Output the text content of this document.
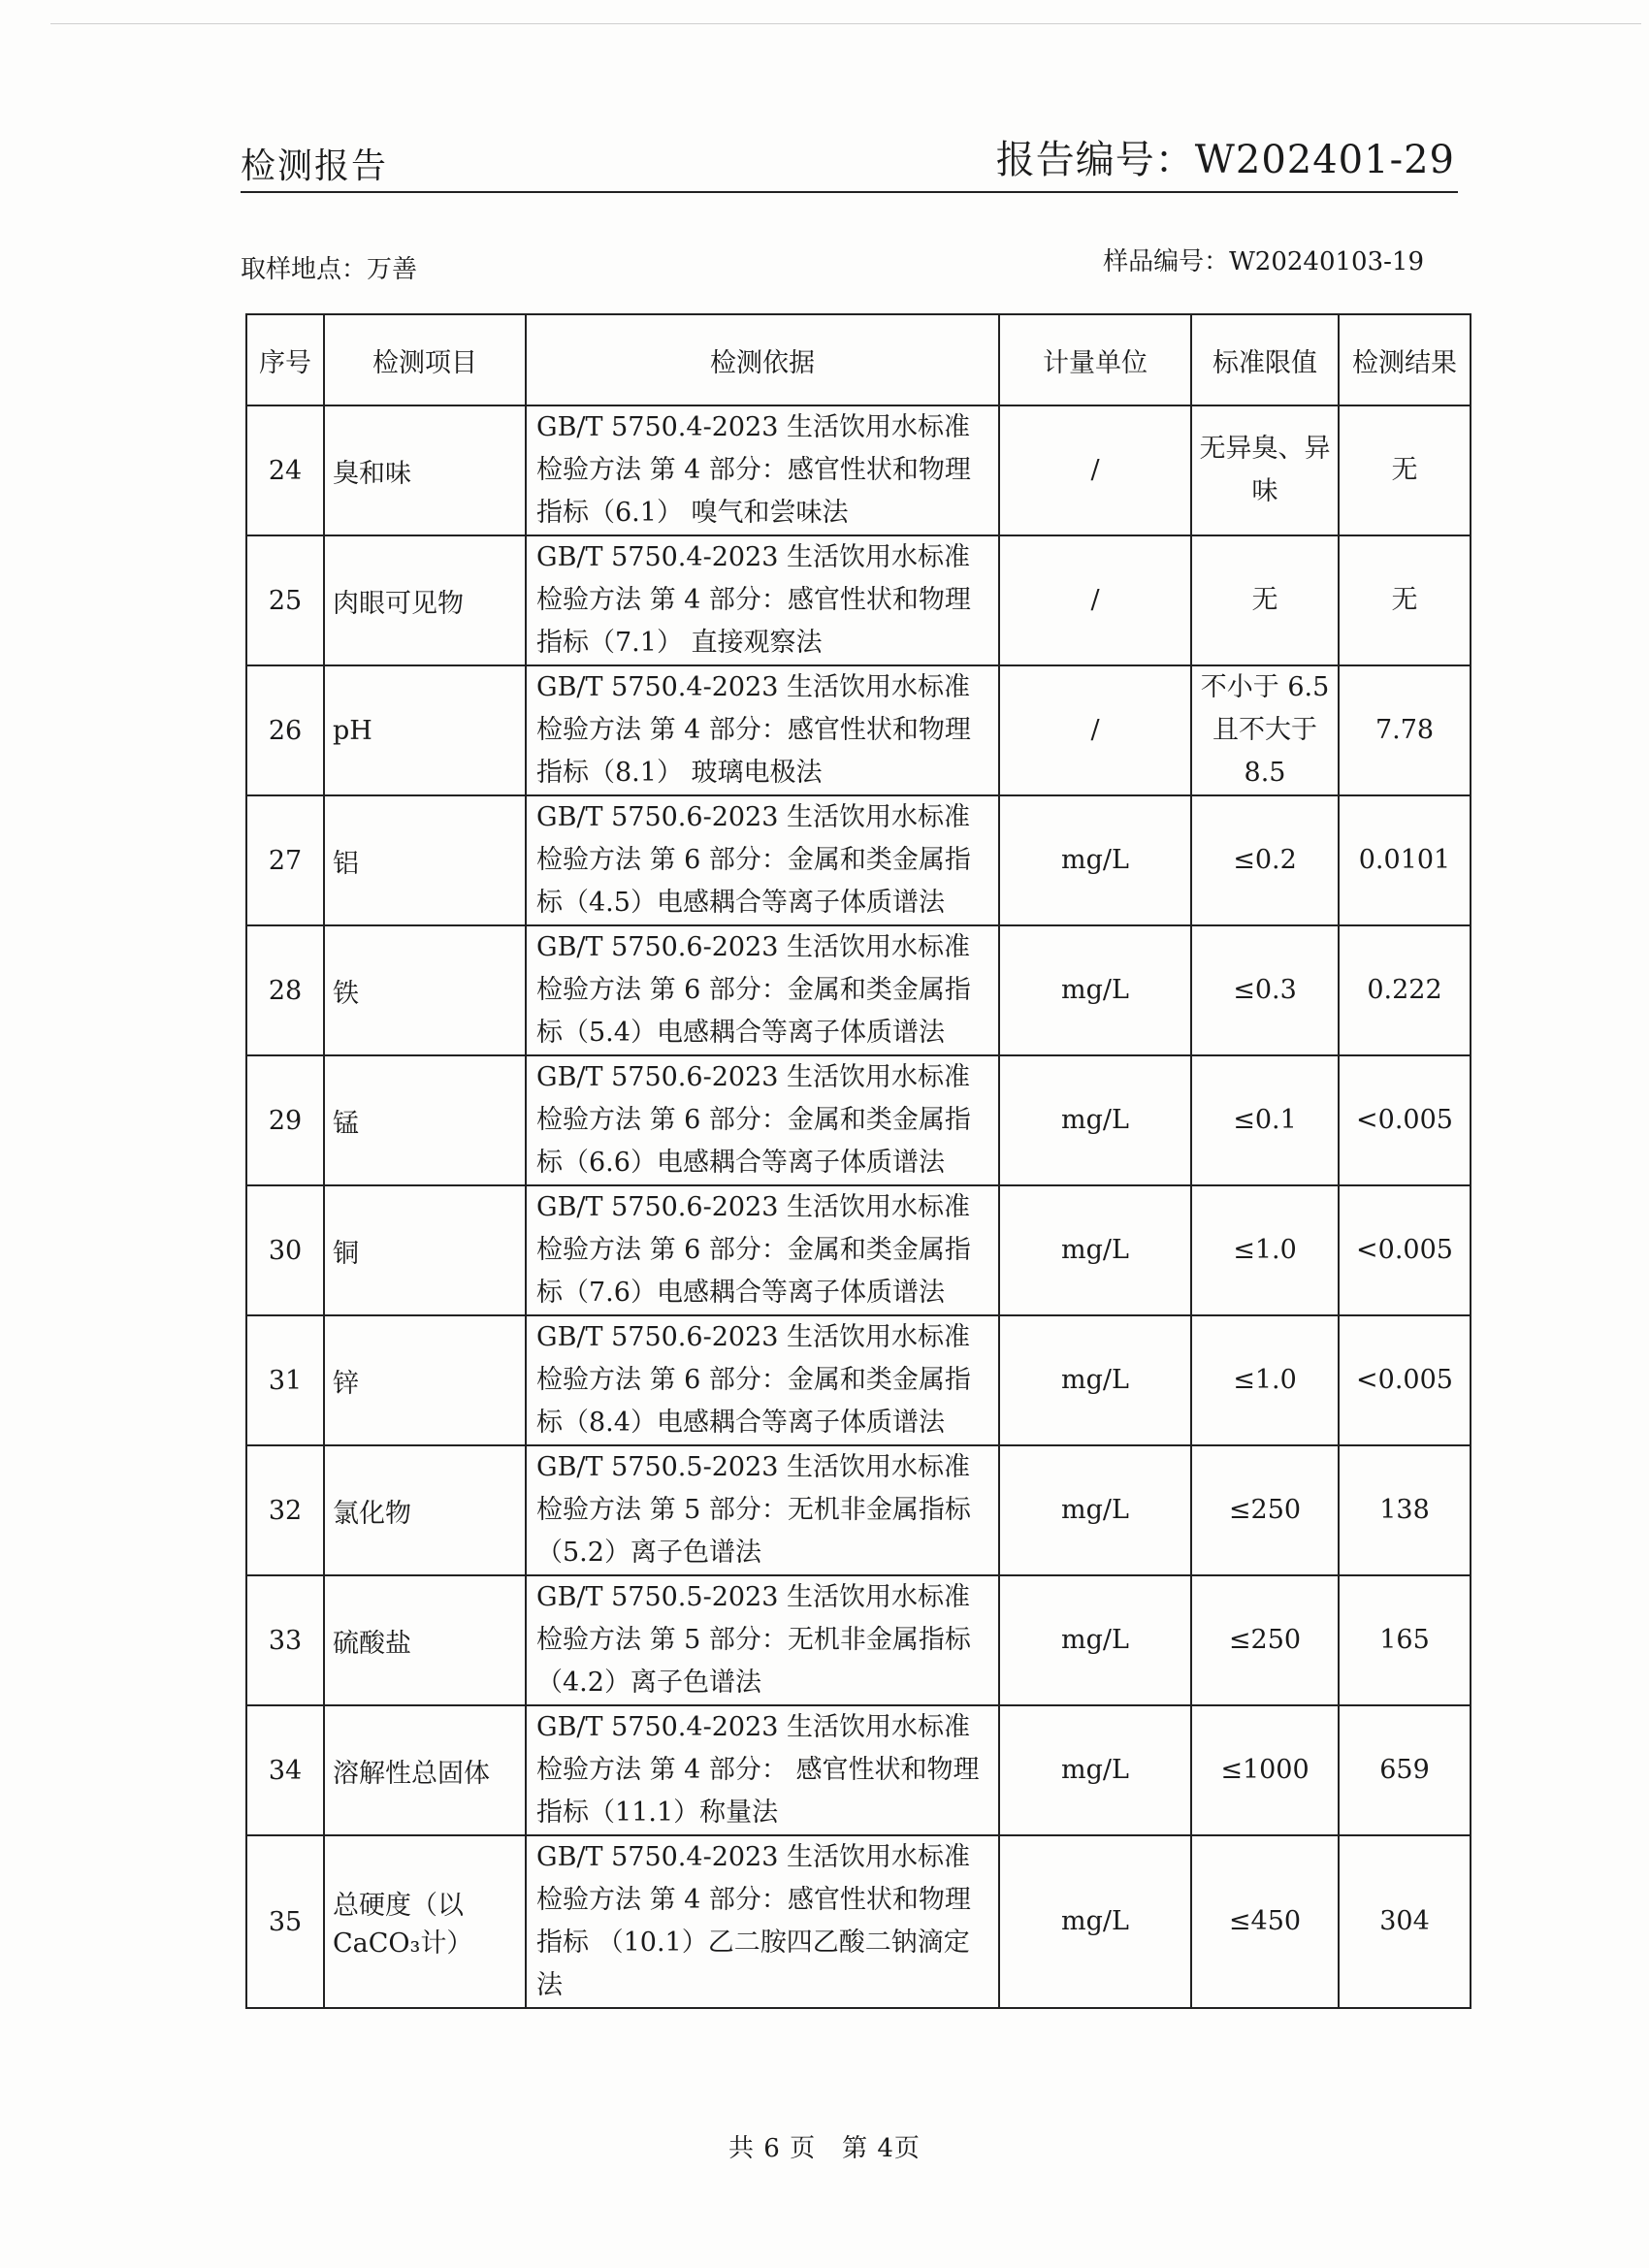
检测报告	报告编号：W202401-29
取样地点：万善	样品编号：W20240103-19
序号	检测项目	检测依据	计量单位	标准限值	检测结果
24	臭和味	GB/T 5750.4-2023 生活饮用水标准检验方法 第 4 部分：感官性状和物理指标（6.1） 嗅气和尝味法	/	无异臭、异味	无
25	肉眼可见物	GB/T 5750.4-2023 生活饮用水标准检验方法 第 4 部分：感官性状和物理指标（7.1） 直接观察法	/	无	无
26	pH	GB/T 5750.4-2023 生活饮用水标准检验方法 第 4 部分：感官性状和物理指标（8.1） 玻璃电极法	/	不小于 6.5 且不大于 8.5	7.78
27	铝	GB/T 5750.6-2023 生活饮用水标准检验方法 第 6 部分：金属和类金属指标（4.5）电感耦合等离子体质谱法	mg/L	≤0.2	0.0101
28	铁	GB/T 5750.6-2023 生活饮用水标准检验方法 第 6 部分：金属和类金属指标（5.4）电感耦合等离子体质谱法	mg/L	≤0.3	0.222
29	锰	GB/T 5750.6-2023 生活饮用水标准检验方法 第 6 部分：金属和类金属指标（6.6）电感耦合等离子体质谱法	mg/L	≤0.1	<0.005
30	铜	GB/T 5750.6-2023 生活饮用水标准检验方法 第 6 部分：金属和类金属指标（7.6）电感耦合等离子体质谱法	mg/L	≤1.0	<0.005
31	锌	GB/T 5750.6-2023 生活饮用水标准检验方法 第 6 部分：金属和类金属指标（8.4）电感耦合等离子体质谱法	mg/L	≤1.0	<0.005
32	氯化物	GB/T 5750.5-2023 生活饮用水标准检验方法 第 5 部分：无机非金属指标（5.2）离子色谱法	mg/L	≤250	138
33	硫酸盐	GB/T 5750.5-2023 生活饮用水标准检验方法 第 5 部分：无机非金属指标（4.2）离子色谱法	mg/L	≤250	165
34	溶解性总固体	GB/T 5750.4-2023 生活饮用水标准检验方法 第 4 部分： 感官性状和物理指标（11.1）称量法	mg/L	≤1000	659
35	总硬度（以CaCO₃计）	GB/T 5750.4-2023 生活饮用水标准检验方法 第 4 部分：感官性状和物理指标 （10.1）乙二胺四乙酸二钠滴定法	mg/L	≤450	304
共 6 页　第 4页
